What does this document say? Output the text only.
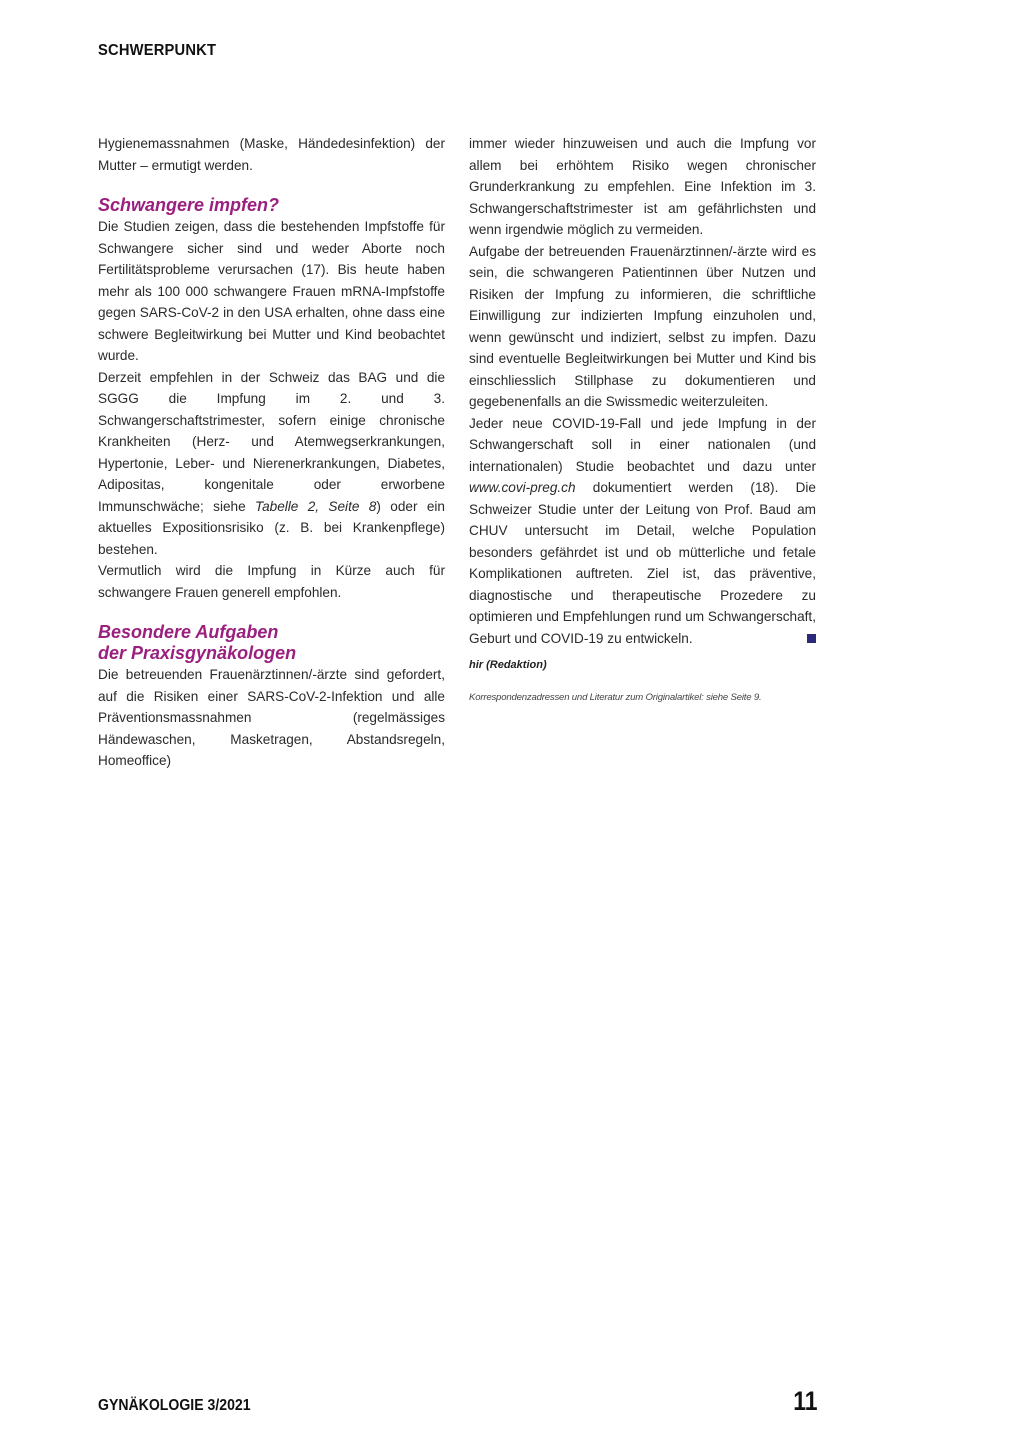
SCHWERPUNKT

Hygienemassnahmen (Maske, Händedesinfektion) der Mutter – ermutigt werden.

Schwangere impfen?

Die Studien zeigen, dass die bestehenden Impfstoffe für Schwangere sicher sind und weder Aborte noch Fertilitätsprobleme verursachen (17). Bis heute haben mehr als 100 000 schwangere Frauen mRNA-Impfstoffe gegen SARS-CoV-2 in den USA erhalten, ohne dass eine schwere Begleitwirkung bei Mutter und Kind beobachtet wurde.

Derzeit empfehlen in der Schweiz das BAG und die SGGG die Impfung im 2. und 3. Schwangerschaftstrimester, sofern einige chronische Krankheiten (Herz- und Atemwegserkrankungen, Hypertonie, Leber- und Nierenerkrankungen, Diabetes, Adipositas, kongenitale oder erworbene Immunschwäche; siehe Tabelle 2, Seite 8) oder ein aktuelles Expositionsrisiko (z. B. bei Krankenpflege) bestehen.

Vermutlich wird die Impfung in Kürze auch für schwangere Frauen generell empfohlen.

Besondere Aufgaben
der Praxisgynäkologen

Die betreuenden Frauenärztinnen/-ärzte sind gefordert, auf die Risiken einer SARS-CoV-2-Infektion und alle Präventionsmassnahmen (regelmässiges Händewaschen, Masketragen, Abstandsregeln, Homeoffice)

immer wieder hinzuweisen und auch die Impfung vor allem bei erhöhtem Risiko wegen chronischer Grunderkrankung zu empfehlen. Eine Infektion im 3. Schwangerschaftstrimester ist am gefährlichsten und wenn irgendwie möglich zu vermeiden.

Aufgabe der betreuenden Frauenärztinnen/-ärzte wird es sein, die schwangeren Patientinnen über Nutzen und Risiken der Impfung zu informieren, die schriftliche Einwilligung zur indizierten Impfung einzuholen und, wenn gewünscht und indiziert, selbst zu impfen. Dazu sind eventuelle Begleitwirkungen bei Mutter und Kind bis einschliesslich Stillphase zu dokumentieren und gegebenenfalls an die Swissmedic weiterzuleiten.

Jeder neue COVID-19-Fall und jede Impfung in der Schwangerschaft soll in einer nationalen (und internationalen) Studie beobachtet und dazu unter www.covi-preg.ch dokumentiert werden (18). Die Schweizer Studie unter der Leitung von Prof. Baud am CHUV untersucht im Detail, welche Population besonders gefährdet ist und ob mütterliche und fetale Komplikationen auftreten. Ziel ist, das präventive, diagnostische und therapeutische Prozedere zu optimieren und Empfehlungen rund um Schwangerschaft, Geburt und COVID-19 zu entwickeln.

hir (Redaktion)

Korrespondenzadressen und Literatur zum Originalartikel: siehe Seite 9.

GYNÄKOLOGIE 3/2021	11
